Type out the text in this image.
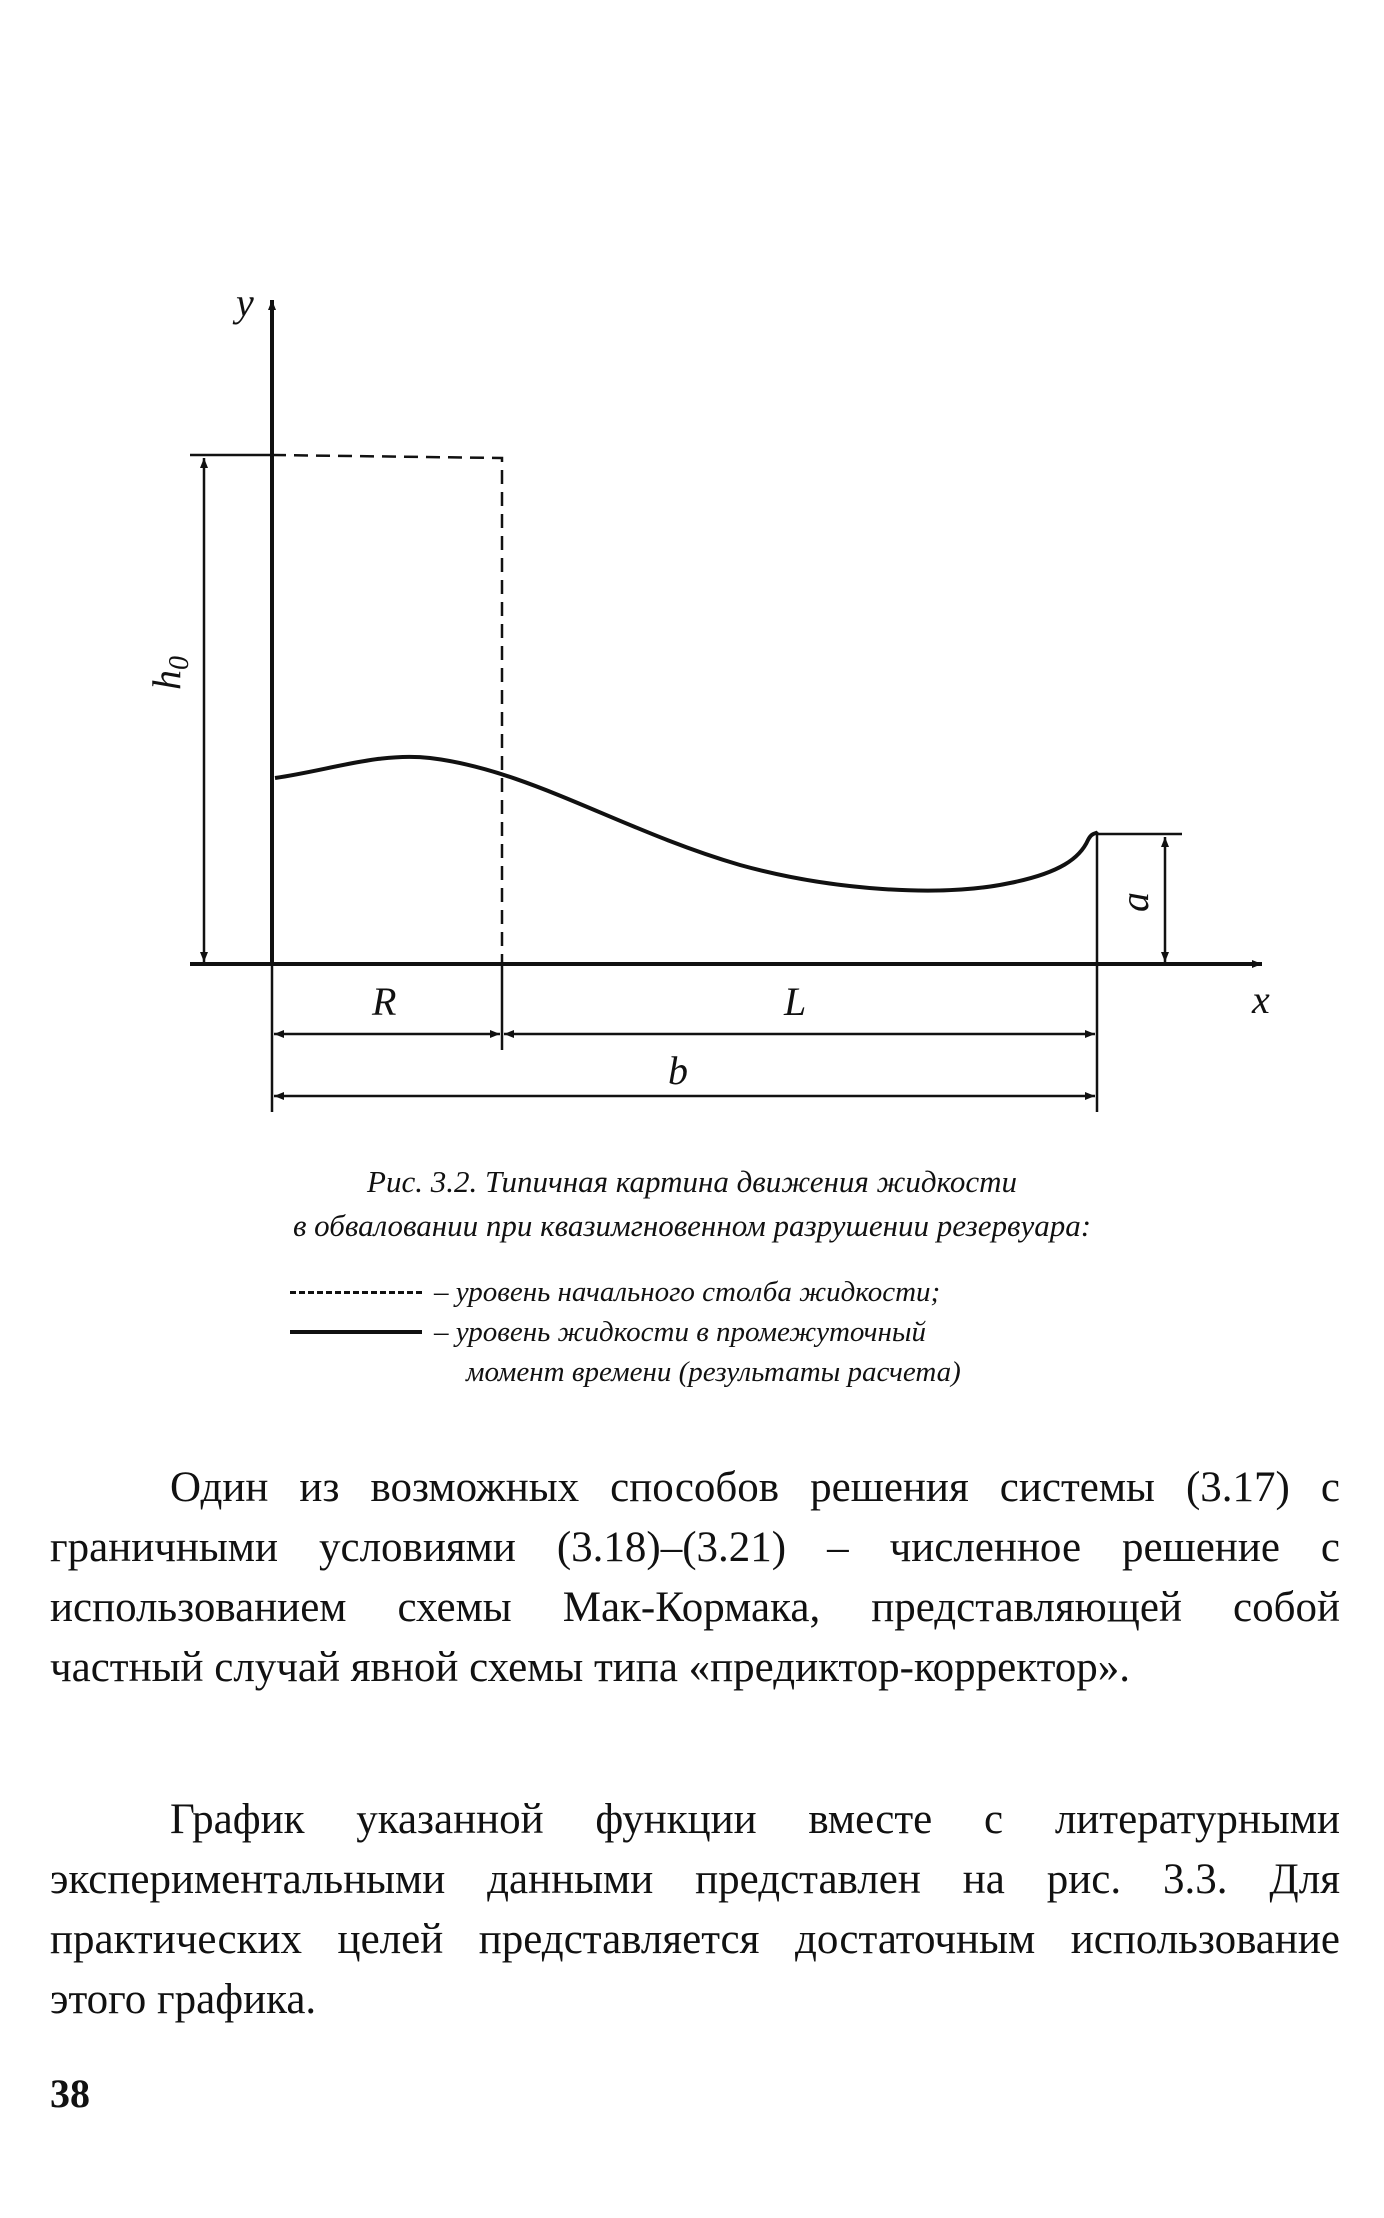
y
x
R	L
b
$h_0$
a
Рис. 3.2. Типичная картина движения жидкости
в обваловании при квазимгновенном разрушении резервуара:
– уровень начального столба жидкости;
– уровень жидкости в промежуточный
момент времени (результаты расчета)

Один из возможных способов решения системы (3.17) с граничными условиями (3.18)–(3.21) – численное решение с использованием схемы Мак-Кормака, представляющей собой частный случай явной схемы типа «предиктор-корректор».

График указанной функции вместе с литературными экспериментальными данными представлен на рис. 3.3. Для практических целей представляется достаточным использование этого графика.

38
